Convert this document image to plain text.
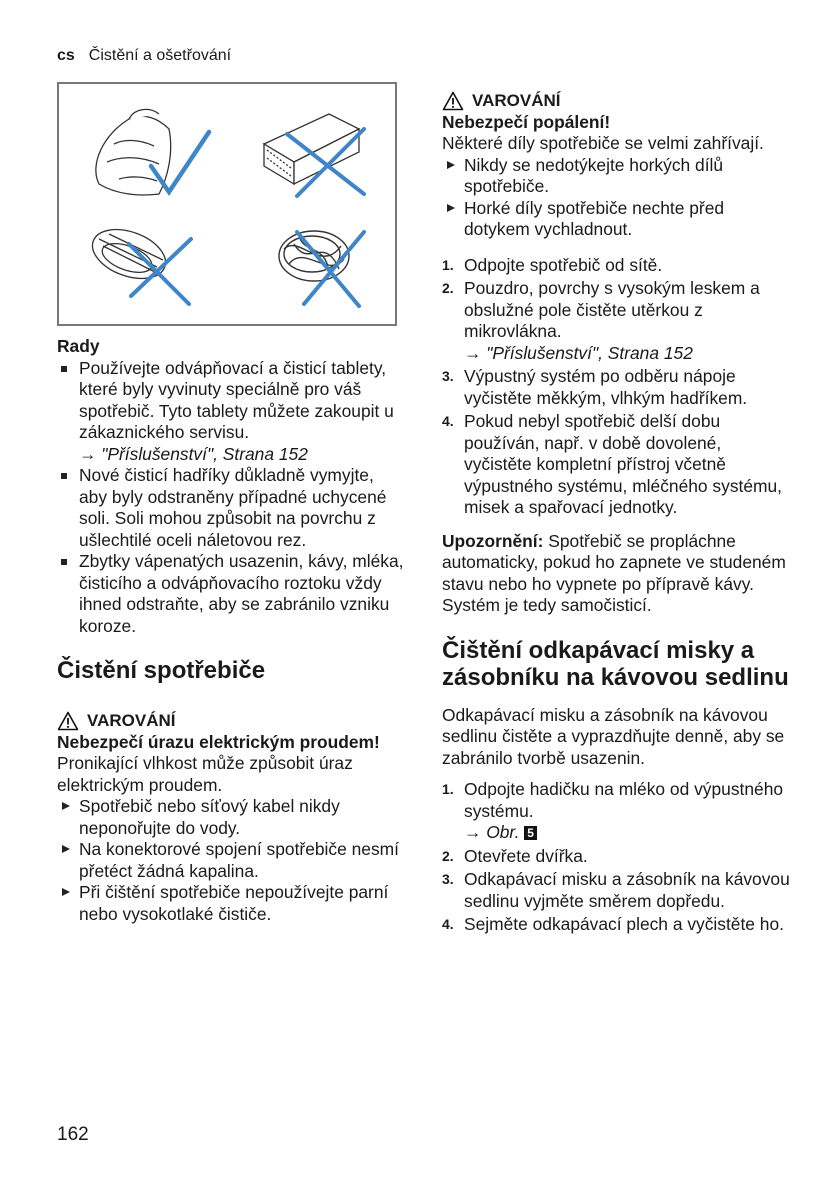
cs Čistění a ošetřování
Rady
Používejte odvápňovací a čisticí tablety, které byly vyvinuty speciálně pro váš spotřebič. Tyto tablety můžete zakoupit u zákaznického servisu.
→ "Příslušenství", Strana 152
Nové čisticí hadříky důkladně vymyjte, aby byly odstraněny případné uchycené soli. Soli mohou způsobit na povrchu z ušlechtilé oceli náletovou rez.
Zbytky vápenatých usazenin, kávy, mléka, čisticího a odvápňovacího roztoku vždy ihned odstraňte, aby se zabránilo vzniku koroze.
Čistění spotřebiče
VAROVÁNÍ
Nebezpečí úrazu elektrickým proudem!
Pronikající vlhkost může způsobit úraz elektrickým proudem.
Spotřebič nebo síťový kabel nikdy neponořujte do vody.
Na konektorové spojení spotřebiče nesmí přetéct žádná kapalina.
Při čištění spotřebiče nepoužívejte parní nebo vysokotlaké čističe.
VAROVÁNÍ
Nebezpečí popálení!
Některé díly spotřebiče se velmi zahřívají.
Nikdy se nedotýkejte horkých dílů spotřebiče.
Horké díly spotřebiče nechte před dotykem vychladnout.
1. Odpojte spotřebič od sítě.
2. Pouzdro, povrchy s vysokým leskem a obslužné pole čistěte utěrkou z mikrovlákna.
→ "Příslušenství", Strana 152
3. Výpustný systém po odběru nápoje vyčistěte měkkým, vlhkým hadříkem.
4. Pokud nebyl spotřebič delší dobu používán, např. v době dovolené, vyčistěte kompletní přístroj včetně výpustného systému, mléčného systému, misek a spařovací jednotky.
Upozornění: Spotřebič se propláchne automaticky, pokud ho zapnete ve studeném stavu nebo ho vypnete po přípravě kávy. Systém je tedy samočisticí.
Čištění odkapávací misky a zásobníku na kávovou sedlinu
Odkapávací misku a zásobník na kávovou sedlinu čistěte a vyprazdňujte denně, aby se zabránilo tvorbě usazenin.
1. Odpojte hadičku na mléko od výpustného systému.
→ Obr. 5
2. Otevřete dvířka.
3. Odkapávací misku a zásobník na kávovou sedlinu vyjměte směrem dopředu.
4. Sejměte odkapávací plech a vyčistěte ho.
162
